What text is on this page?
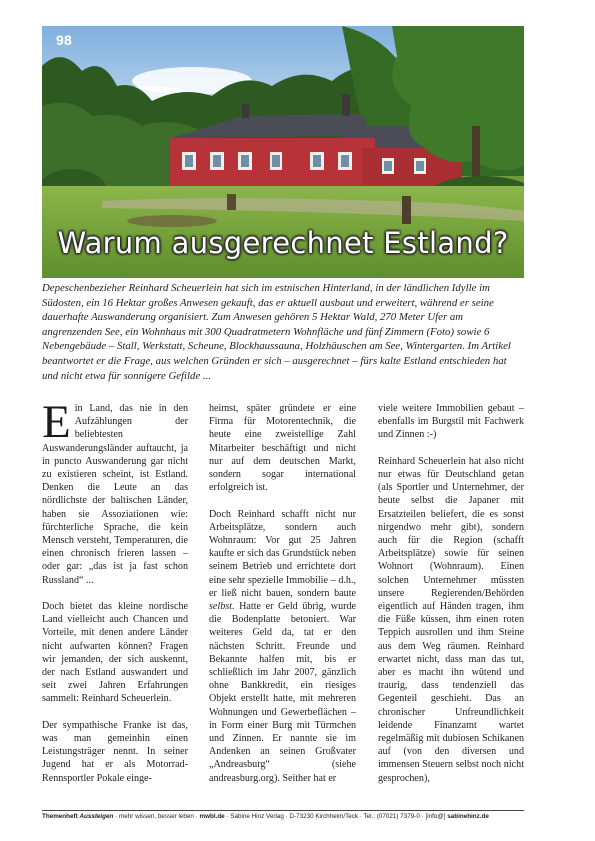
98
Warum ausgerechnet Estland?

Depeschenbezieher Reinhard Scheuerlein hat sich im estnischen Hinterland, in der ländlichen Idylle im Südosten, ein 16 Hektar großes Anwesen gekauft, das er aktuell ausbaut und erweitert, während er seine dauerhafte Auswanderung organisiert. Zum Anwesen gehören 5 Hektar Wald, 270 Meter Ufer am angrenzenden See, ein Wohnhaus mit 300 Quadratmetern Wohnfläche und fünf Zimmern (Foto) sowie 6 Nebengebäude – Stall, Werkstatt, Scheune, Blockhaussauna, Holzhäuschen am See, Wintergarten. Im Artikel beantwortet er die Frage, aus welchen Gründen er sich – ausgerechnet – fürs kalte Estland entschieden hat und nicht etwa für sonnigere Gefilde ...

Ein Land, das nie in den Aufzählungen der beliebtesten Auswanderungsländer auftaucht, ja in puncto Auswanderung gar nicht zu existieren scheint, ist Estland. Denken die Leute an das nördlichste der baltischen Länder, haben sie Assoziationen wie: fürchterliche Sprache, die kein Mensch versteht, Temperaturen, die einen chronisch frieren lassen – oder gar: „das ist ja fast schon Russland“ ...

Doch bietet das kleine nordische Land vielleicht auch Chancen und Vorteile, mit denen andere Länder nicht aufwarten können? Fragen wir jemanden, der sich auskennt, der nach Estland auswandert und seit zwei Jahren Erfahrungen sammelt: Reinhard Scheuerlein.

Der sympathische Franke ist das, was man gemeinhin einen Leistungsträger nennt. In seiner Jugend hat er als Motorrad-Rennsportler Pokale einge-

heimst, später gründete er eine Firma für Motorentechnik, die heute eine zweistellige Zahl Mitarbeiter beschäftigt und nicht nur auf dem deutschen Markt, sondern sogar international erfolgreich ist.

Doch Reinhard schafft nicht nur Arbeitsplätze, sondern auch Wohnraum: Vor gut 25 Jahren kaufte er sich das Grundstück neben seinem Betrieb und errichtete dort eine sehr spezielle Immobilie – d.h., er ließ nicht bauen, sondern baute selbst. Hatte er Geld übrig, wurde die Bodenplatte betoniert. War weiteres Geld da, tat er den nächsten Schritt. Freunde und Bekannte halfen mit, bis er schließlich im Jahr 2007, gänzlich ohne Bankkredit, ein riesiges Objekt erstellt hatte, mit mehreren Wohnungen und Gewerbeflächen – in Form einer Burg mit Türmchen und Zinnen. Er nannte sie im Andenken an seinen Großvater „Andreasburg“ (siehe andreasburg.org). Seither hat er

viele weitere Immobilien gebaut – ebenfalls im Burgstil mit Fachwerk und Zinnen :-)

Reinhard Scheuerlein hat also nicht nur etwas für Deutschland getan (als Sportler und Unternehmer, der heute selbst die Japaner mit Ersatzteilen beliefert, die es sonst nirgendwo mehr gibt), sondern auch für die Region (schafft Arbeitsplätze) sowie für seinen Wohnort (Wohnraum). Einen solchen Unternehmer müssten unsere Regierenden/Behörden eigentlich auf Händen tragen, ihm die Füße küssen, ihm einen roten Teppich ausrollen und ihm Steine aus dem Weg räumen. Reinhard erwartet nicht, dass man das tut, aber es macht ihn wütend und traurig, dass tendenziell das Gegenteil geschieht. Das an chronischer Unfreundlichkeit leidende Finanzamt wartet regelmäßig mit dubiosen Schikanen auf (von den diversen und immensen Steuern selbst noch nicht gesprochen),

Themenheft Aussteigen · mehr wissen, besser leben · mwbl.de · Sabine Hinz Verlag · D-73230 Kirchheim/Teck · Tel.: (07021) 7379-0 · [info@] sabinehinz.de
